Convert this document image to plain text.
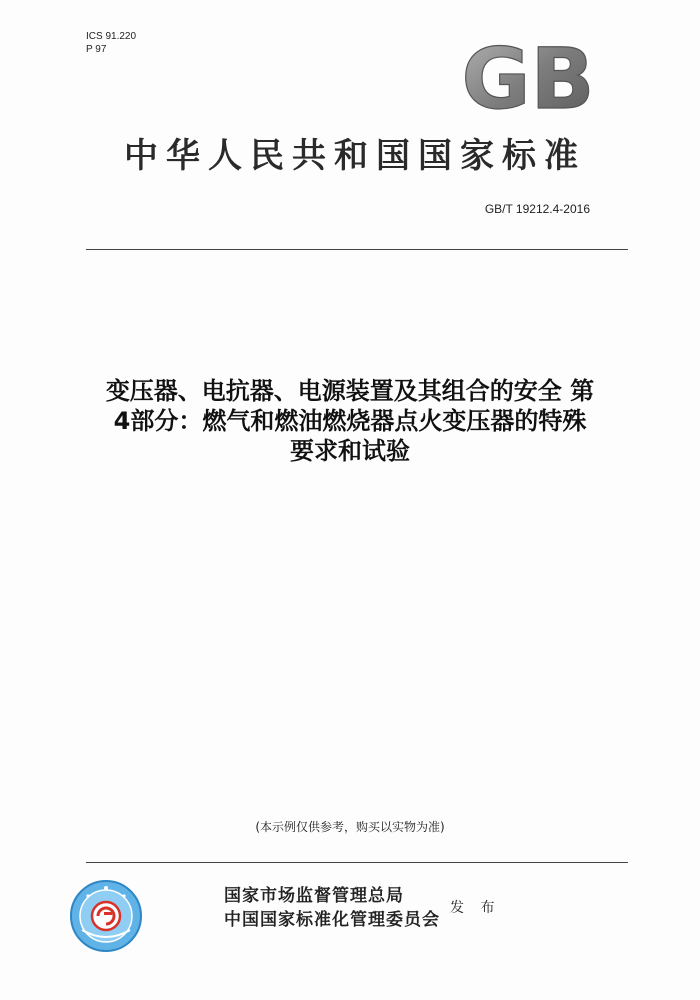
ICS 91.220
P 97	GB
中华人民共和国国家标准
GB/T 19212.4-2016
变压器、电抗器、电源装置及其组合的安全 第
4部分：燃气和燃油燃烧器点火变压器的特殊
要求和试验
(本示例仅供参考，购买以实物为准)
国家市场监督管理总局
中国国家标准化管理委员会
发 布
